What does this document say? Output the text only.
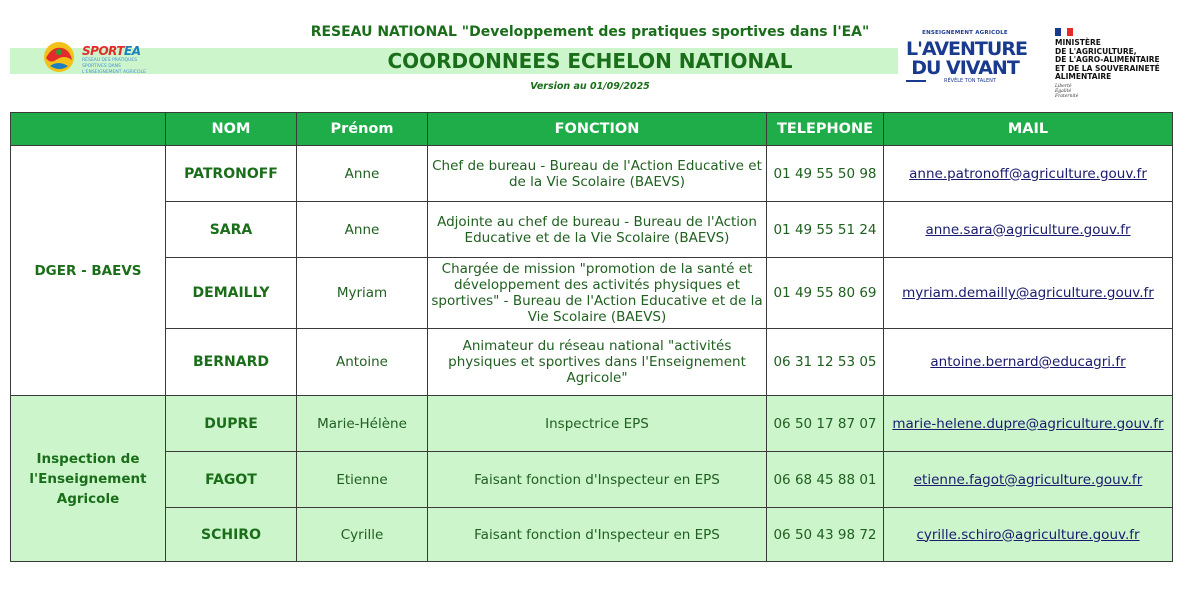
SPORTEA
RÉSEAU DES PRATIQUES SPORTIVES DANS L'ENSEIGNEMENT AGRICOLE
RESEAU NATIONAL "Developpement des pratiques sportives dans l'EA"
COORDONNEES ECHELON NATIONAL
Version au 01/09/2025
ENSEIGNEMENT AGRICOLE
L'AVENTURE
DU VIVANT
RÉVÈLE TON TALENT
MINISTÈRE
DE L'AGRICULTURE,
DE L'AGRO-ALIMENTAIRE
ET DE LA SOUVERAINETÉ
ALIMENTAIRE
Liberté
Égalité
Fraternité
	NOM	Prénom	FONCTION	TELEPHONE	MAIL
DGER - BAEVS	PATRONOFF	Anne	Chef de bureau - Bureau de l'Action Educative et de la Vie Scolaire (BAEVS)	01 49 55 50 98	anne.patronoff@agriculture.gouv.fr
	SARA	Anne	Adjointe au chef de bureau - Bureau de l'Action Educative et de la Vie Scolaire (BAEVS)	01 49 55 51 24	anne.sara@agriculture.gouv.fr
	DEMAILLY	Myriam	Chargée de mission "promotion de la santé et développement des activités physiques et sportives" - Bureau de l'Action Educative et de la Vie Scolaire (BAEVS)	01 49 55 80 69	myriam.demailly@agriculture.gouv.fr
	BERNARD	Antoine	Animateur du réseau national "activités physiques et sportives dans l'Enseignement Agricole"	06 31 12 53 05	antoine.bernard@educagri.fr
Inspection de l'Enseignement Agricole	DUPRE	Marie-Hélène	Inspectrice EPS	06 50 17 87 07	marie-helene.dupre@agriculture.gouv.fr
	FAGOT	Etienne	Faisant fonction d'Inspecteur en EPS	06 68 45 88 01	etienne.fagot@agriculture.gouv.fr
	SCHIRO	Cyrille	Faisant fonction d'Inspecteur en EPS	06 50 43 98 72	cyrille.schiro@agriculture.gouv.fr
